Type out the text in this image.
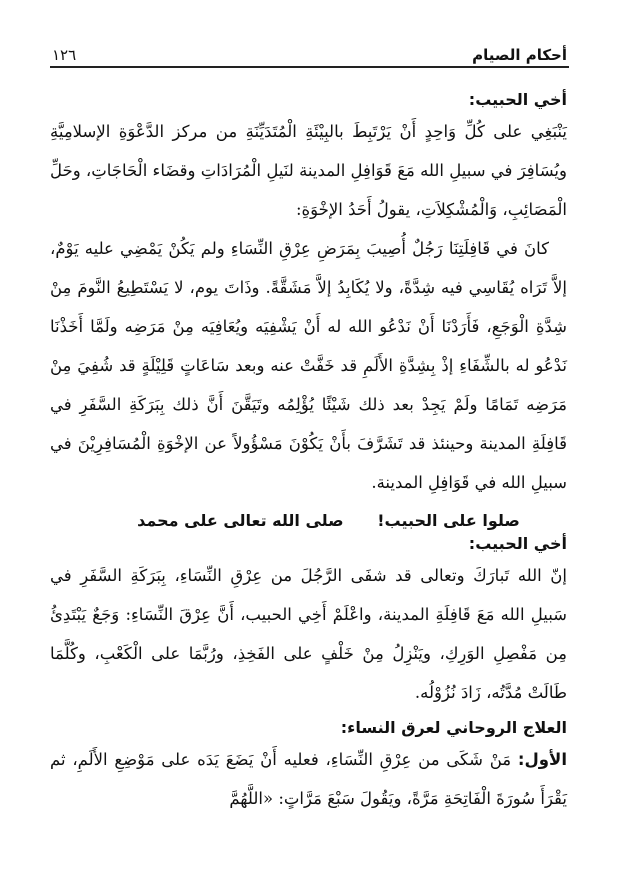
أحكام الصيام
١٢٦

أخي الحبيب:

يَنْبَغِي على كُلِّ وَاحِدٍ أَنْ يَرْتَبِطَ بالبِيْئَةِ الْمُتَدَيِّنَةِ من مركز الدَّعْوَةِ الإسلامِيَّةِ ويُسَافِرَ في سبيلِ الله مَعَ قَوَافِلِ المدينة لنَيلِ الْمُرَادَاتِ وقضَاء الْحَاجَاتِ، وحَلِّ الْمَصَائِبِ، وَالْمُشْكِلاَتِ، يقولُ أَحَدُ الإخْوَةِ:

كانَ في قَافِلَتِنَا رَجُلٌ أُصِيبَ بِمَرَضِ عِرْقِ النِّسَاءِ ولم يَكُنْ يَمْضِي عليه يَوْمٌ، إلاَّ تَرَاه يُقَاسِي فيه شِدَّةً، ولا يُكَابِدُ إلاَّ مَشَقَّةً. وذَاتَ يوم، لا يَسْتَطِيعُ النَّومَ مِنْ شِدَّةِ الْوَجَعِ، فَأَرَدْنَا أَنْ نَدْعُو الله له أَنْ يَشْفِيَه ويُعَافِيَه مِنْ مَرَضِه ولَمَّا أَخَذْنَا نَدْعُو له بالشِّفَاءِ إذْ بِشِدَّةِ الأَلَمِ قد خَفَّتْ عنه وبعد سَاعَاتٍ قَلِيْلَةٍ قد شُفِيَ مِنْ مَرَضِه تَمَامًا ولَمْ يَجِدْ بعد ذلك شَيْئًا يُؤْلِمُه وتَيَقَّنَ أَنَّ ذلك بِبَرَكَةِ السَّفَرِ في قَافِلَةِ المدينة وحينئذ قد تَشَرَّفَ بأَنْ يَكُوْنَ مَسْؤُولاً عن الإخْوَةِ الْمُسَافِرِيْنَ في سبيلِ الله في قَوَافِلِ المدينة.

صلوا على الحبيب! صلى الله تعالى على محمد

أخي الحبيب:

إنّ الله تَبارَكَ وتعالى قد شفَى الرَّجُلَ من عِرْقِ النِّسَاءِ، بِبَرَكَةِ السَّفَرِ في سَبيلِ الله مَعَ قَافِلَةِ المدينة، واعْلَمْ أَخِي الحبيب، أَنَّ عِرْقَ النِّسَاءِ: وَجَعٌ يَبْتَدِئُ مِن مَفْصِلِ الوَرِكِ، ويَنْزِلُ مِنْ خَلْفٍ على الفَخِذِ، ورُبَّمَا على الْكَعْبِ، وكُلَّمَا طَالَتْ مُدَّتُه، زَادَ نُزُوْلُه.

العلاج الروحاني لعرق النساء:

الأول: مَنْ شَكَى من عِرْقِ النِّسَاءِ، فعليه أَنْ يَضَعَ يَدَه على مَوْضِعِ الأَلَمِ، ثم يَقْرَأَ سُورَةَ الْفَاتِحَةِ مَرَّةً، ويَقُولَ سَبْعَ مَرَّاتٍ: «اللَّهُمَّ
